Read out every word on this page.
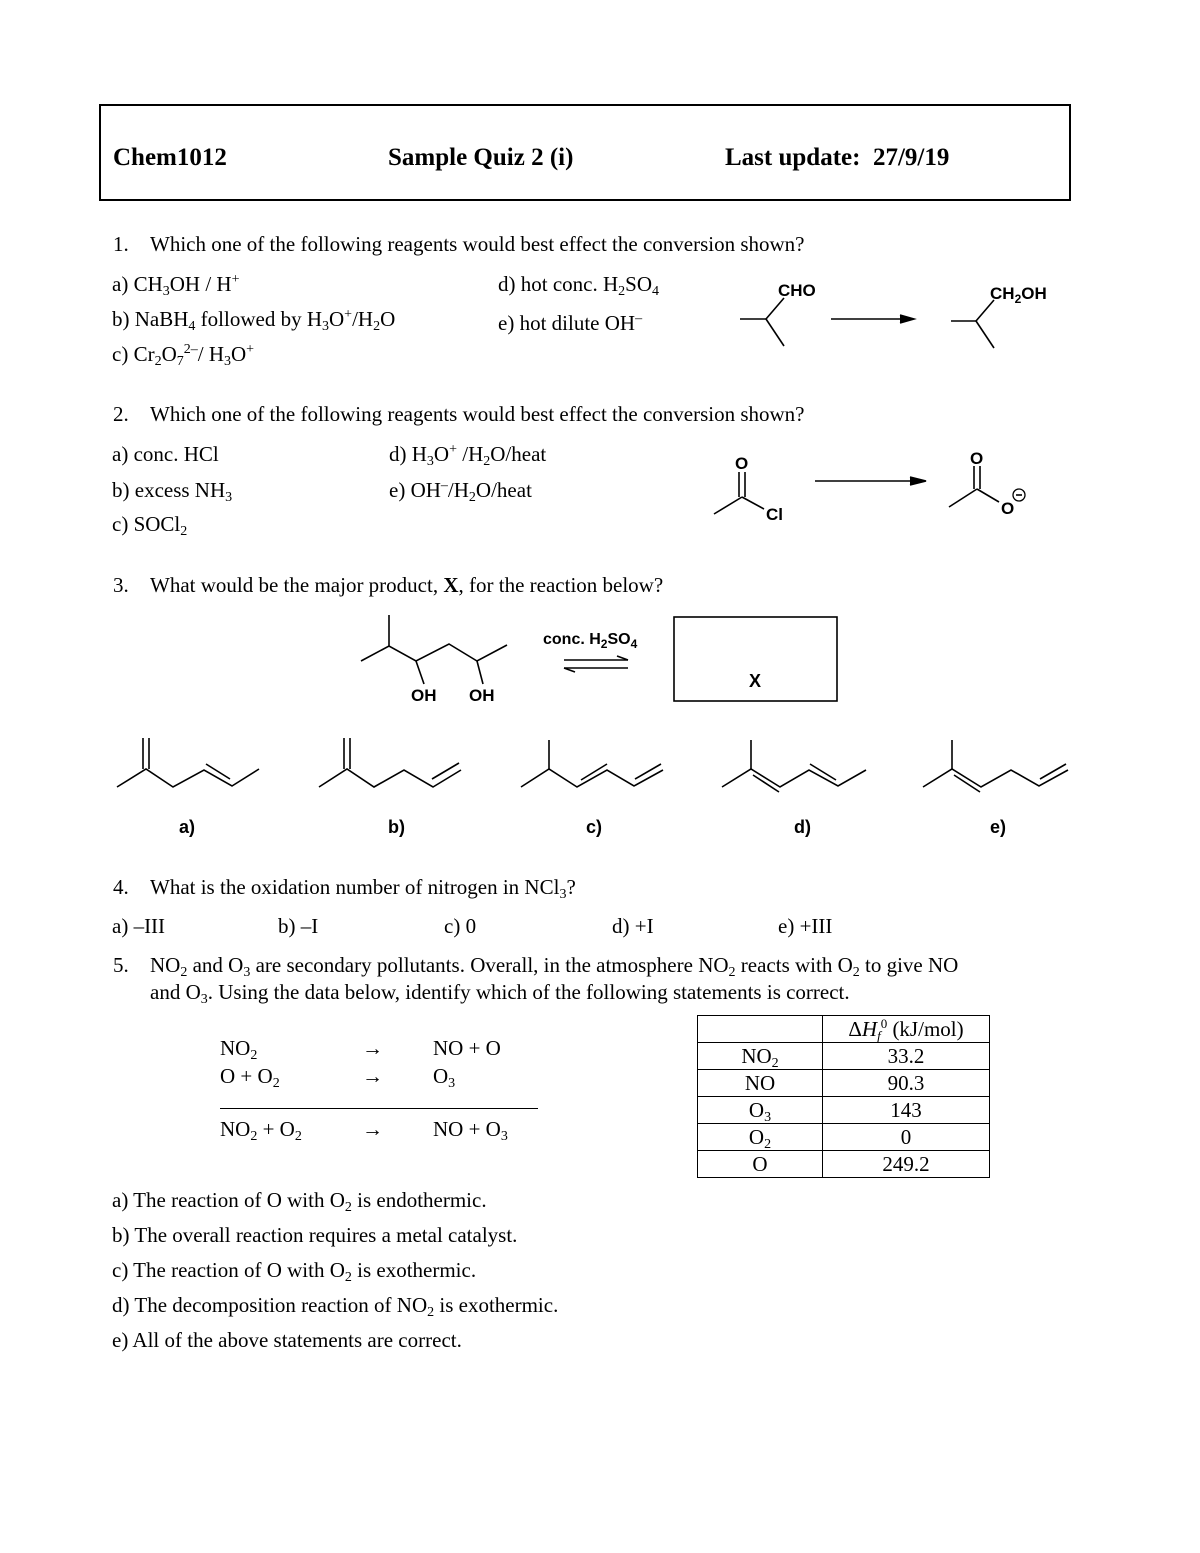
Chem1012	Sample Quiz 2 (i)	Last update: 27/9/19
1. Which one of the following reagents would best effect the conversion shown?
a) $CH_3OH / H^+$
b) NaBH$_4$ followed by $H_3O^+/H_2O$
c) $Cr_2O_7^{2-}/$ $H_3O^+$
d) hot conc. $H_2SO_4$
e) hot dilute OH–
CHO	$CH_2OH$
2. Which one of the following reagents would best effect the conversion shown?
a) conc. HCl
b) excess $NH_3$
c) SOCl$_2$
d) $H_3O^+$ $/H_2O$/heat
e) $OH^-/H_2O$/heat
O
Cl
O
O
3. What would be the major product, X, for the reaction below?
OH OH
conc. $H_2SO_4$
X
a)	b)	c)	d)	e)
4. What is the oxidation number of nitrogen in NCl$_3$?
a) –III	b) –I	c) 0	d) +I	e) +III
5. $NO_2$ and $O_3$ are secondary pollutants. Overall, in the atmosphere $NO_2$ reacts with $O_2$ to give NO
and $O_3$. Using the data below, identify which of the following statements is correct.
$NO_2$	→ NO + O
$O + O_2$	→ $O_3$
$NO_2 + O_2$	→ NO + $O_3$
	$\Delta H_f^0$ (kJ/mol)
$NO_2$	33.2
NO	90.3
$O_3$	143
$O_2$	0
O	249.2
a) The reaction of O with $O_2$ is endothermic.
b) The overall reaction requires a metal catalyst.
c) The reaction of O with $O_2$ is exothermic.
d) The decomposition reaction of $NO_2$ is exothermic.
e) All of the above statements are correct.
